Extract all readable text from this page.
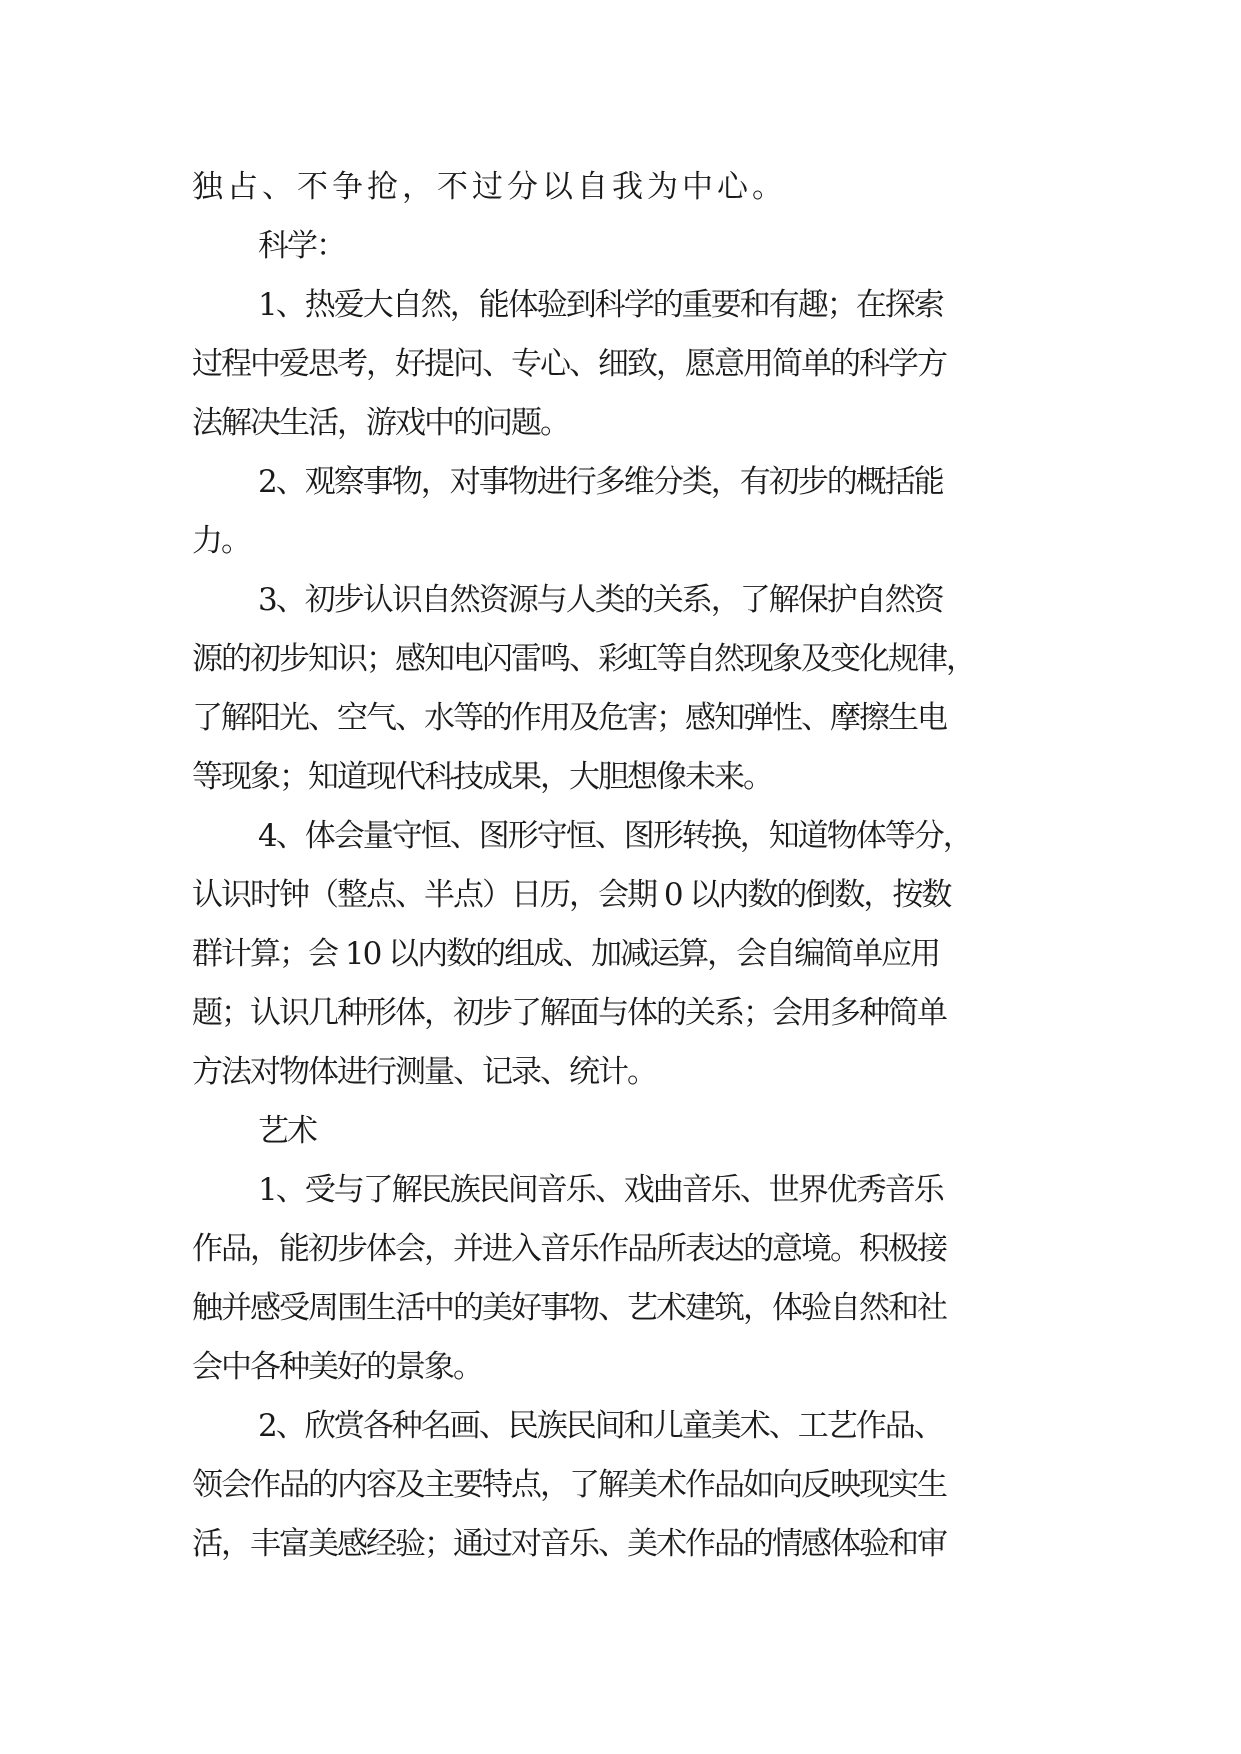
独占、不争抢，不过分以自我为中心。

科学：

1、热爱大自然，能体验到科学的重要和有趣；在探索
过程中爱思考，好提问、专心、细致，愿意用简单的科学方
法解决生活，游戏中的问题。

2、观察事物，对事物进行多维分类，有初步的概括能
力。

3、初步认识自然资源与人类的关系，了解保护自然资
源的初步知识；感知电闪雷鸣、彩虹等自然现象及变化规律，
了解阳光、空气、水等的作用及危害；感知弹性、摩擦生电
等现象；知道现代科技成果，大胆想像未来。

4、体会量守恒、图形守恒、图形转换，知道物体等分，
认识时钟（整点、半点）日历，会期 0 以内数的倒数，按数
群计算；会 10 以内数的组成、加减运算，会自编简单应用
题；认识几种形体，初步了解面与体的关系；会用多种简单
方法对物体进行测量、记录、统计。

艺术

1、受与了解民族民间音乐、戏曲音乐、世界优秀音乐
作品，能初步体会，并进入音乐作品所表达的意境。积极接
触并感受周围生活中的美好事物、艺术建筑，体验自然和社
会中各种美好的景象。

2、欣赏各种名画、民族民间和儿童美术、工艺作品、
领会作品的内容及主要特点，了解美术作品如向反映现实生
活，丰富美感经验；通过对音乐、美术作品的情感体验和审
